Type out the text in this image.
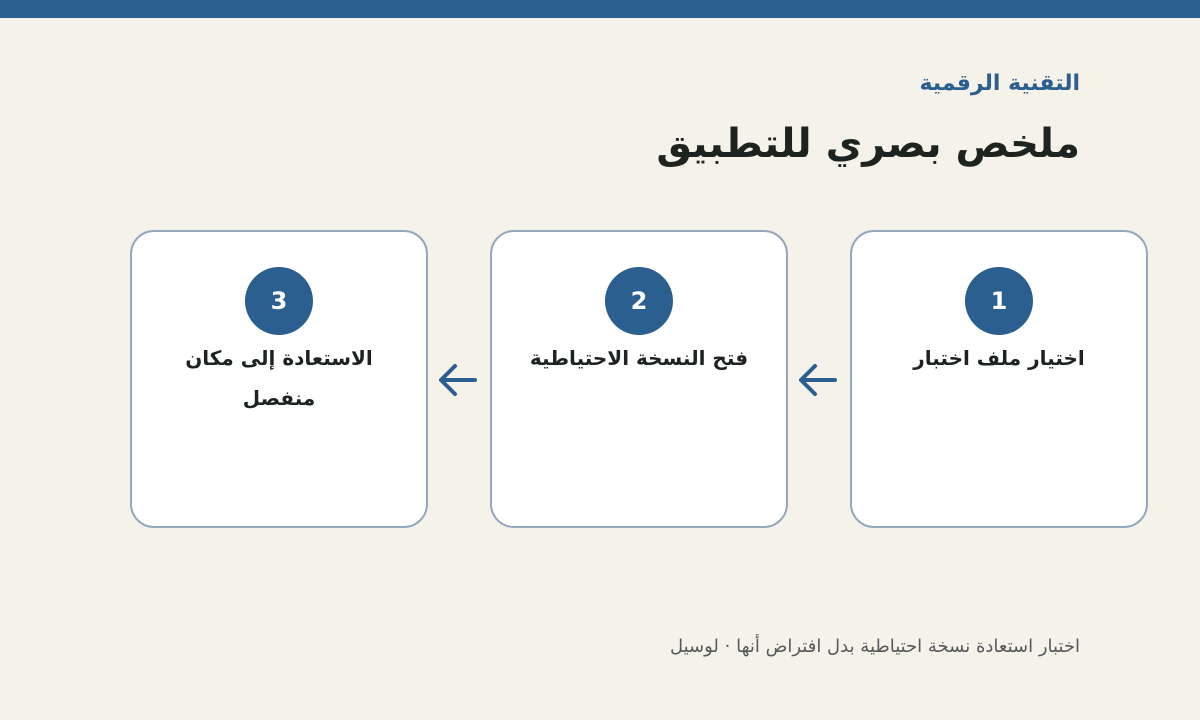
التقنية الرقمية
ملخص بصري للتطبيق
1
اختيار ملف اختبار
2
فتح النسخة الاحتياطية
3
الاستعادة إلى مكان منفصل
اختبار استعادة نسخة احتياطية بدل افتراض أنها · لوسيل
